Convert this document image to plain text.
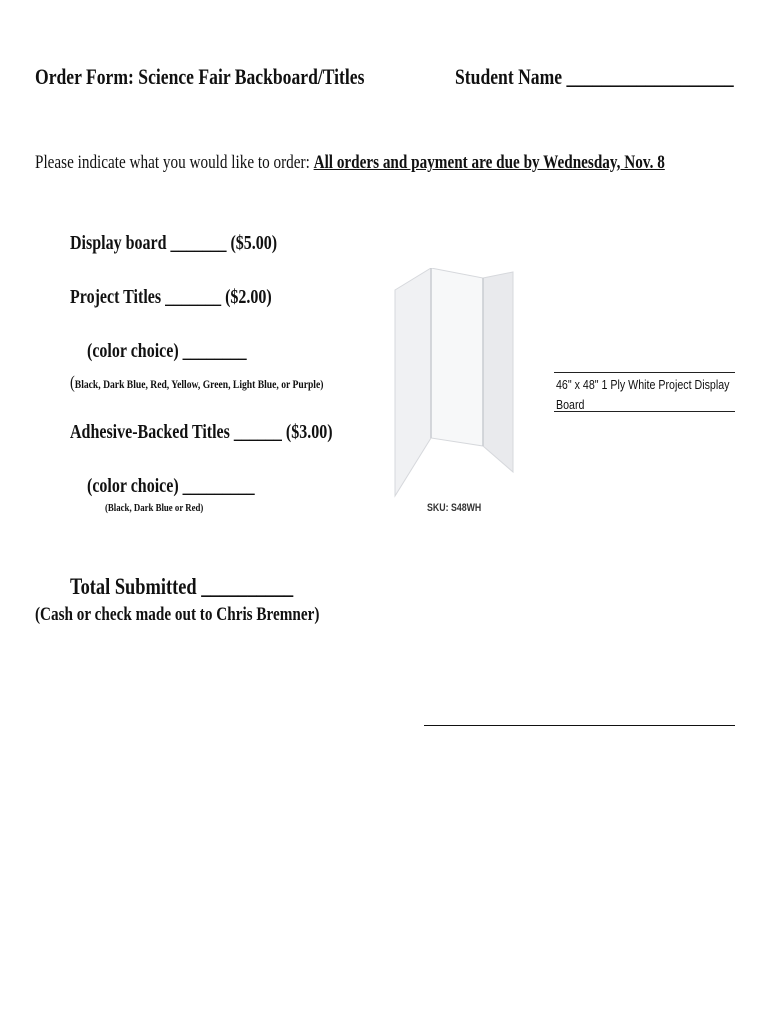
Order Form: Science Fair Backboard/Titles	Student Name ___________________
Please indicate what you would like to order: All orders and payment are due by Wednesday, Nov. 8
Display board _______ ($5.00)
Project Titles _______ ($2.00)
(color choice) ________
(Black, Dark Blue, Red, Yellow, Green, Light Blue, or Purple)
Adhesive-Backed Titles ______ ($3.00)
(color choice) _________
(Black, Dark Blue or Red)
Total Submitted __________
(Cash or check made out to Chris Bremner)
46" x 48" 1 Ply White Project Display Board
SKU: S48WH
